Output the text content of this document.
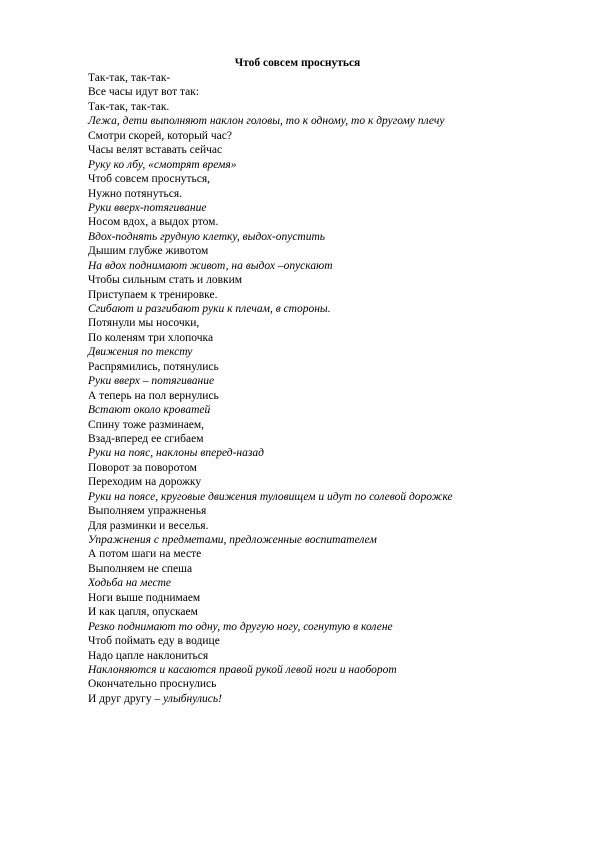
Чтоб совсем проснуться
Так-так, так-так-
Все часы идут вот так:
Так-так, так-так.
Лежа, дети выполняют наклон головы, то к одному, то к другому плечу
Смотри скорей, который час?
Часы велят вставать сейчас
Руку ко лбу, «смотрят время»
Чтоб совсем проснуться,
Нужно потянуться.
Руки вверх-потягивание
Носом вдох, а выдох ртом.
Вдох-поднять грудную клетку, выдох-опустить
Дышим глубже животом
На вдох поднимают живот, на выдох –опускают
Чтобы сильным стать и ловким
Приступаем к тренировке.
Сгибают и разгибают руки к плечам, в стороны.
Потянули мы носочки,
По коленям три хлопочка
Движения по тексту
Распрямились, потянулись
Руки вверх – потягивание
А теперь на пол вернулись
Встают около кроватей
Спину тоже разминаем,
Взад-вперед ее сгибаем
Руки на пояс, наклоны вперед-назад
Поворот за поворотом
Переходим на дорожку
Руки на поясе, круговые движения туловищем и идут по солевой дорожке
Выполняем упражненья
Для разминки и веселья.
Упражнения с предметами, предложенные воспитателем
А потом шаги на месте
Выполняем не спеша
Ходьба на месте
Ноги выше поднимаем
И как цапля, опускаем
Резко поднимают то одну, то другую ногу, согнутую в колене
Чтоб поймать еду в водице
Надо цапле наклониться
Наклоняются и касаются правой рукой левой ноги и наоборот
Окончательно проснулись
И друг другу – улыбнулись!
